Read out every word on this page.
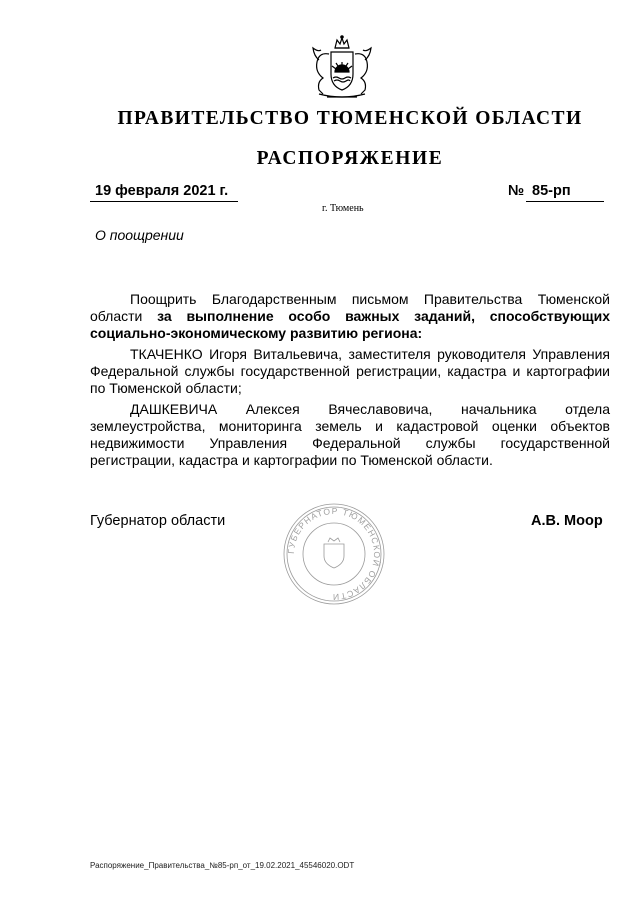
ПРАВИТЕЛЬСТВО ТЮМЕНСКОЙ ОБЛАСТИ
РАСПОРЯЖЕНИЕ
19 февраля 2021 г.	№ 85-рп
г. Тюмень
О поощрении

Поощрить Благодарственным письмом Правительства Тюменской области за выполнение особо важных заданий, способствующих социально-экономическому развитию региона:

ТКАЧЕНКО Игоря Витальевича, заместителя руководителя Управления Федеральной службы государственной регистрации, кадастра и картографии по Тюменской области;

ДАШКЕВИЧА Алексея Вячеславовича, начальника отдела землеустройства, мониторинга земель и кадастровой оценки объектов недвижимости Управления Федеральной службы государственной регистрации, кадастра и картографии по Тюменской области.

Губернатор области	А.В. Моор
ГУБЕРНАТОР ТЮМЕНСКОЙ ОБЛАСТИ
Распоряжение_Правительства_№85-рп_от_19.02.2021_45546020.ODT
